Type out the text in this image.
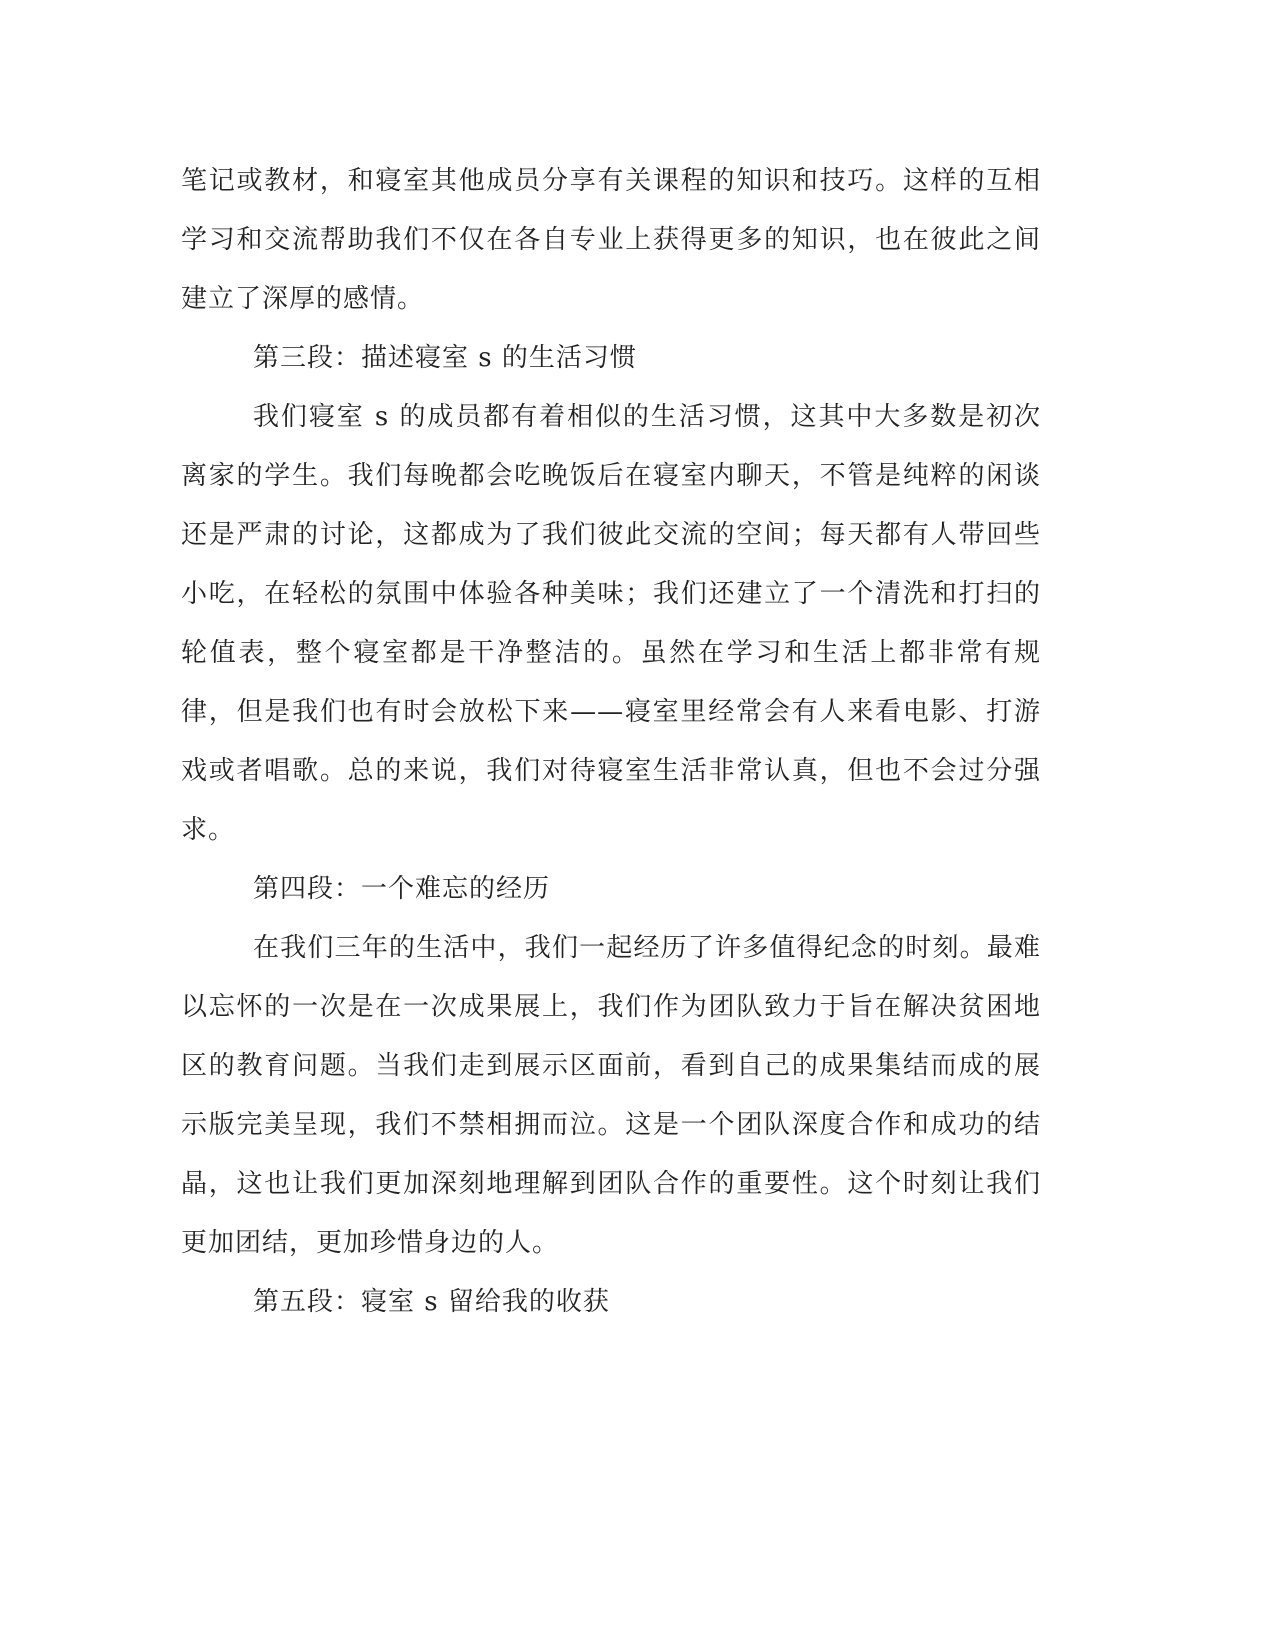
笔记或教材，和寝室其他成员分享有关课程的知识和技巧。这样的互相学习和交流帮助我们不仅在各自专业上获得更多的知识，也在彼此之间建立了深厚的感情。

第三段：描述寝室 s 的生活习惯

我们寝室 s 的成员都有着相似的生活习惯，这其中大多数是初次离家的学生。我们每晚都会吃晚饭后在寝室内聊天，不管是纯粹的闲谈还是严肃的讨论，这都成为了我们彼此交流的空间；每天都有人带回些小吃，在轻松的氛围中体验各种美味；我们还建立了一个清洗和打扫的轮值表，整个寝室都是干净整洁的。虽然在学习和生活上都非常有规律，但是我们也有时会放松下来——寝室里经常会有人来看电影、打游戏或者唱歌。总的来说，我们对待寝室生活非常认真，但也不会过分强求。

第四段：一个难忘的经历

在我们三年的生活中，我们一起经历了许多值得纪念的时刻。最难以忘怀的一次是在一次成果展上，我们作为团队致力于旨在解决贫困地区的教育问题。当我们走到展示区面前，看到自己的成果集结而成的展示版完美呈现，我们不禁相拥而泣。这是一个团队深度合作和成功的结晶，这也让我们更加深刻地理解到团队合作的重要性。这个时刻让我们更加团结，更加珍惜身边的人。

第五段：寝室 s 留给我的收获
